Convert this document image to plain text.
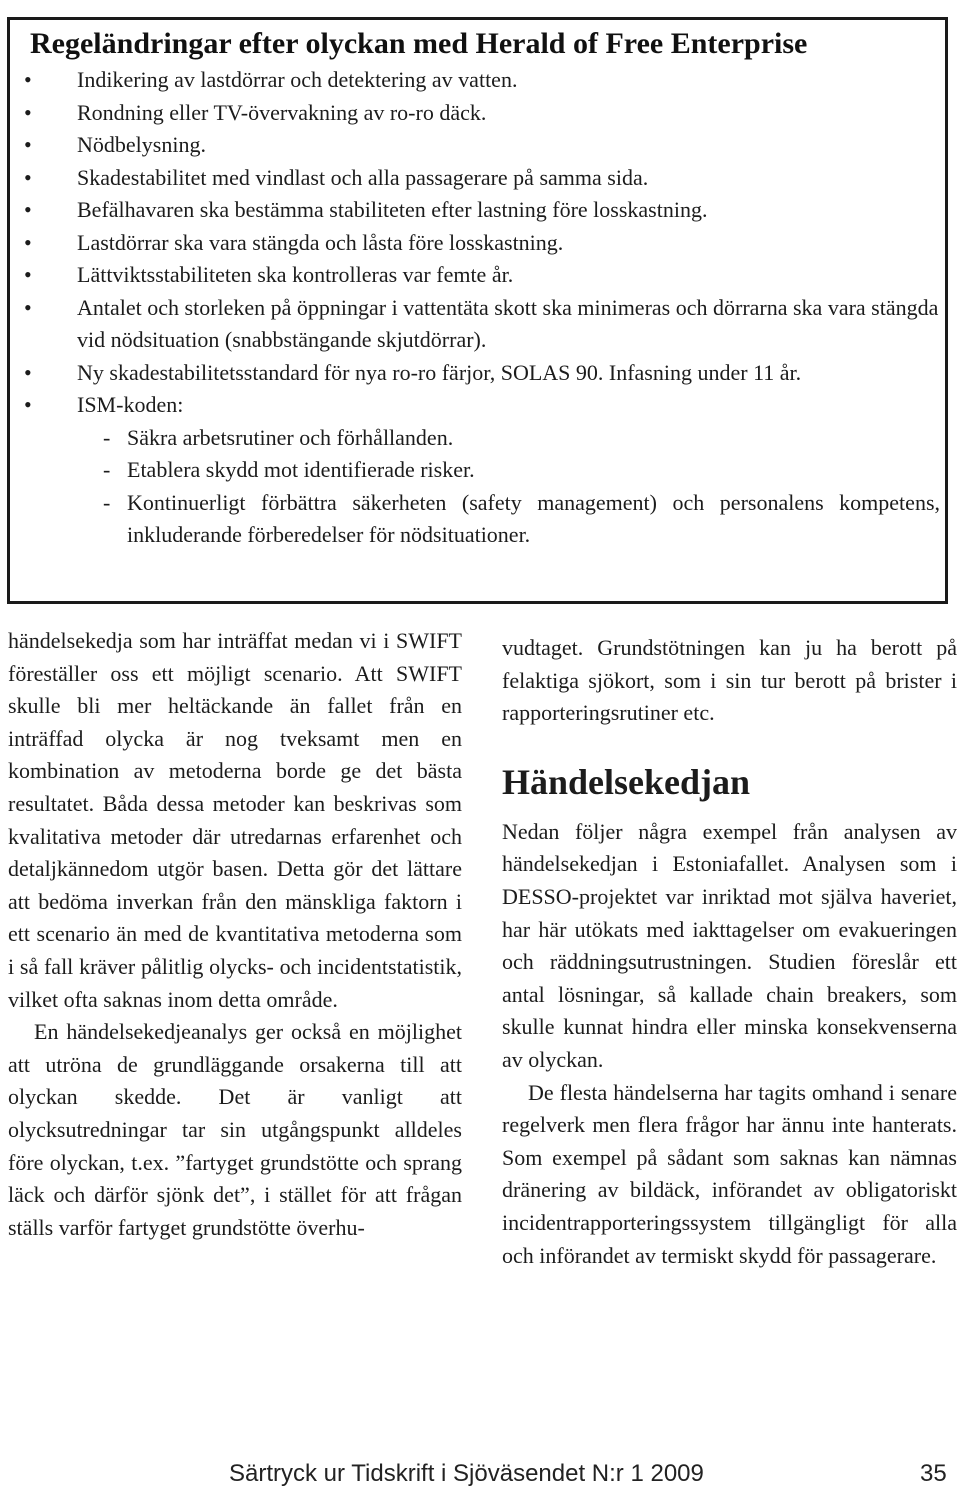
Regeländringar efter olyckan med Herald of Free Enterprise
• Indikering av lastdörrar och detektering av vatten.
• Rondning eller TV-övervakning av ro-ro däck.
• Nödbelysning.
• Skadestabilitet med vindlast och alla passagerare på samma sida.
• Befälhavaren ska bestämma stabiliteten efter lastning före losskastning.
• Lastdörrar ska vara stängda och låsta före losskastning.
• Lättviktsstabiliteten ska kontrolleras var femte år.
• Antalet och storleken på öppningar i vattentäta skott ska minimeras och dörrarna ska vara stängda vid nödsituation (snabbstängande skjutdörrar).
• Ny skadestabilitetsstandard för nya ro-ro färjor, SOLAS 90. Infasning under 11 år.
• ISM-koden:
- Säkra arbetsrutiner och förhållanden.
- Etablera skydd mot identifierade risker.
- Kontinuerligt förbättra säkerheten (safety management) och personalens kompetens, inkluderande förberedelser för nödsituationer.

händelsekedja som har inträffat medan vi i SWIFT föreställer oss ett möjligt scenario. Att SWIFT skulle bli mer heltäckande än fallet från en inträffad olycka är nog tveksamt men en kombination av metoderna borde ge det bästa resultatet. Båda dessa metoder kan beskrivas som kvalitativa metoder där utredarnas erfarenhet och detaljkännedom utgör basen. Detta gör det lättare att bedöma inverkan från den mänskliga faktorn i ett scenario än med de kvantitativa metoderna som i så fall kräver pålitlig olycks- och incidentstatistik, vilket ofta saknas inom detta område.

En händelsekedjeanalys ger också en möjlighet att utröna de grundläggande orsakerna till att olyckan skedde. Det är vanligt att olycksutredningar tar sin utgångspunkt alldeles före olyckan, t.ex. ”fartyget grundstötte och sprang läck och därför sjönk det”, i stället för att frågan ställs varför fartyget grundstötte överhu-

vudtaget. Grundstötningen kan ju ha berott på felaktiga sjökort, som i sin tur berott på brister i rapporteringsrutiner etc.

Händelsekedjan

Nedan följer några exempel från analysen av händelsekedjan i Estoniafallet. Analysen som i DESSO-projektet var inriktad mot själva haveriet, har här utökats med iakttagelser om evakueringen och räddningsutrustningen. Studien föreslår ett antal lösningar, så kallade chain breakers, som skulle kunnat hindra eller minska konsekvenserna av olyckan.

De flesta händelserna har tagits omhand i senare regelverk men flera frågor har ännu inte hanterats. Som exempel på sådant som saknas kan nämnas dränering av bildäck, införandet av obligatoriskt incidentrapporteringssystem tillgängligt för alla och införandet av termiskt skydd för passagerare.

Särtryck ur Tidskrift i Sjöväsendet N:r 1 2009	35
